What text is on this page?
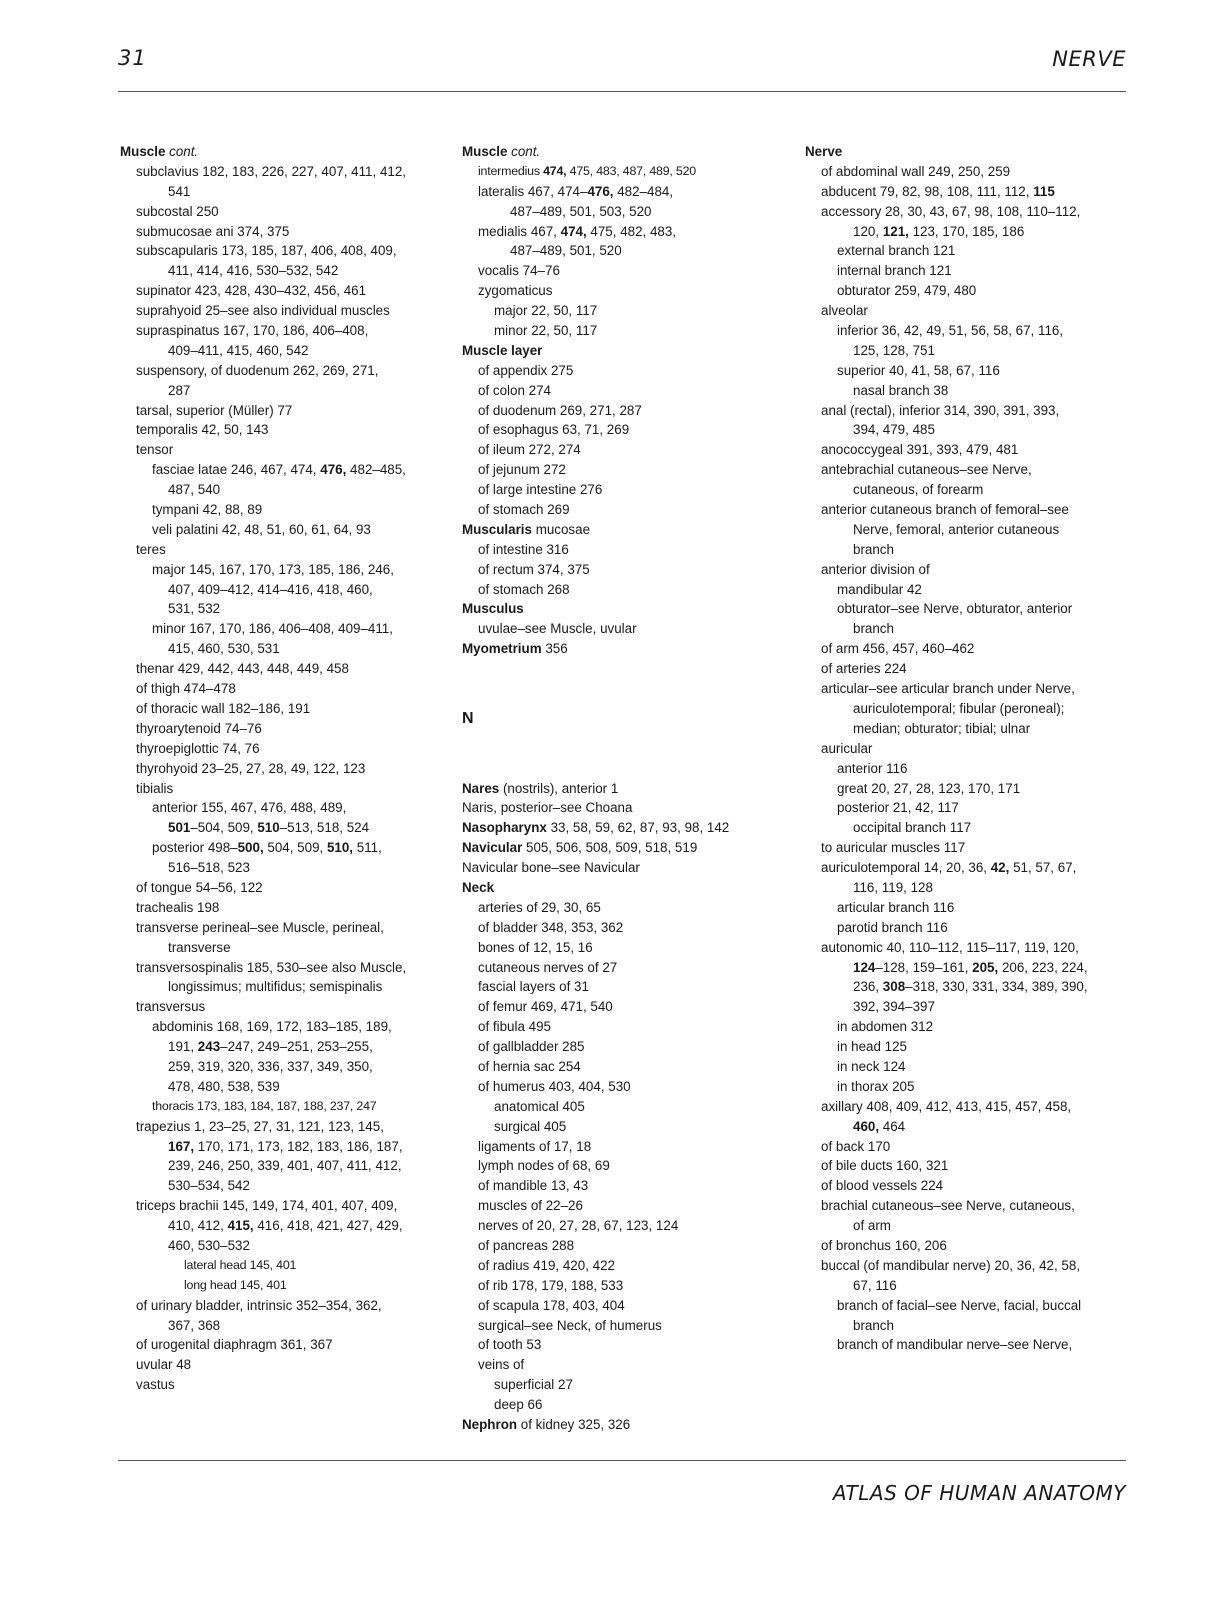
31	NERVE
Muscle cont.
subclavius 182, 183, 226, 227, 407, 411, 412,
541
subcostal 250
submucosae ani 374, 375
subscapularis 173, 185, 187, 406, 408, 409,
411, 414, 416, 530–532, 542
supinator 423, 428, 430–432, 456, 461
suprahyoid 25–see also individual muscles
supraspinatus 167, 170, 186, 406–408,
409–411, 415, 460, 542
suspensory, of duodenum 262, 269, 271,
287
tarsal, superior (Müller) 77
temporalis 42, 50, 143
tensor
fasciae latae 246, 467, 474, 476, 482–485,
487, 540
tympani 42, 88, 89
veli palatini 42, 48, 51, 60, 61, 64, 93
teres
major 145, 167, 170, 173, 185, 186, 246,
407, 409–412, 414–416, 418, 460,
531, 532
minor 167, 170, 186, 406–408, 409–411,
415, 460, 530, 531
thenar 429, 442, 443, 448, 449, 458
of thigh 474–478
of thoracic wall 182–186, 191
thyroarytenoid 74–76
thyroepiglottic 74, 76
thyrohyoid 23–25, 27, 28, 49, 122, 123
tibialis
anterior 155, 467, 476, 488, 489,
501–504, 509, 510–513, 518, 524
posterior 498–500, 504, 509, 510, 511,
516–518, 523
of tongue 54–56, 122
trachealis 198
transverse perineal–see Muscle, perineal,
transverse
transversospinalis 185, 530–see also Muscle,
longissimus; multifidus; semispinalis
transversus
abdominis 168, 169, 172, 183–185, 189,
191, 243–247, 249–251, 253–255,
259, 319, 320, 336, 337, 349, 350,
478, 480, 538, 539
thoracis 173, 183, 184, 187, 188, 237, 247
trapezius 1, 23–25, 27, 31, 121, 123, 145,
167, 170, 171, 173, 182, 183, 186, 187,
239, 246, 250, 339, 401, 407, 411, 412,
530–534, 542
triceps brachii 145, 149, 174, 401, 407, 409,
410, 412, 415, 416, 418, 421, 427, 429,
460, 530–532
lateral head 145, 401
long head 145, 401
of urinary bladder, intrinsic 352–354, 362,
367, 368
of urogenital diaphragm 361, 367
uvular 48
vastus
Muscle cont.
intermedius 474, 475, 483, 487, 489, 520
lateralis 467, 474–476, 482–484,
487–489, 501, 503, 520
medialis 467, 474, 475, 482, 483,
487–489, 501, 520
vocalis 74–76
zygomaticus
major 22, 50, 117
minor 22, 50, 117
Muscle layer
of appendix 275
of colon 274
of duodenum 269, 271, 287
of esophagus 63, 71, 269
of ileum 272, 274
of jejunum 272
of large intestine 276
of stomach 269
Muscularis mucosae
of intestine 316
of rectum 374, 375
of stomach 268
Musculus
uvulae–see Muscle, uvular
Myometrium 356
N
Nares (nostrils), anterior 1
Naris, posterior–see Choana
Nasopharynx 33, 58, 59, 62, 87, 93, 98, 142
Navicular 505, 506, 508, 509, 518, 519
Navicular bone–see Navicular
Neck
arteries of 29, 30, 65
of bladder 348, 353, 362
bones of 12, 15, 16
cutaneous nerves of 27
fascial layers of 31
of femur 469, 471, 540
of fibula 495
of gallbladder 285
of hernia sac 254
of humerus 403, 404, 530
anatomical 405
surgical 405
ligaments of 17, 18
lymph nodes of 68, 69
of mandible 13, 43
muscles of 22–26
nerves of 20, 27, 28, 67, 123, 124
of pancreas 288
of radius 419, 420, 422
of rib 178, 179, 188, 533
of scapula 178, 403, 404
surgical–see Neck, of humerus
of tooth 53
veins of
superficial 27
deep 66
Nephron of kidney 325, 326
Nerve
of abdominal wall 249, 250, 259
abducent 79, 82, 98, 108, 111, 112, 115
accessory 28, 30, 43, 67, 98, 108, 110–112,
120, 121, 123, 170, 185, 186
external branch 121
internal branch 121
obturator 259, 479, 480
alveolar
inferior 36, 42, 49, 51, 56, 58, 67, 116,
125, 128, 751
superior 40, 41, 58, 67, 116
nasal branch 38
anal (rectal), inferior 314, 390, 391, 393,
394, 479, 485
anococcygeal 391, 393, 479, 481
antebrachial cutaneous–see Nerve,
cutaneous, of forearm
anterior cutaneous branch of femoral–see
Nerve, femoral, anterior cutaneous
branch
anterior division of
mandibular 42
obturator–see Nerve, obturator, anterior
branch
of arm 456, 457, 460–462
of arteries 224
articular–see articular branch under Nerve,
auriculotemporal; fibular (peroneal);
median; obturator; tibial; ulnar
auricular
anterior 116
great 20, 27, 28, 123, 170, 171
posterior 21, 42, 117
occipital branch 117
to auricular muscles 117
auriculotemporal 14, 20, 36, 42, 51, 57, 67,
116, 119, 128
articular branch 116
parotid branch 116
autonomic 40, 110–112, 115–117, 119, 120,
124–128, 159–161, 205, 206, 223, 224,
236, 308–318, 330, 331, 334, 389, 390,
392, 394–397
in abdomen 312
in head 125
in neck 124
in thorax 205
axillary 408, 409, 412, 413, 415, 457, 458,
460, 464
of back 170
of bile ducts 160, 321
of blood vessels 224
brachial cutaneous–see Nerve, cutaneous,
of arm
of bronchus 160, 206
buccal (of mandibular nerve) 20, 36, 42, 58,
67, 116
branch of facial–see Nerve, facial, buccal
branch
branch of mandibular nerve–see Nerve,
ATLAS OF HUMAN ANATOMY
